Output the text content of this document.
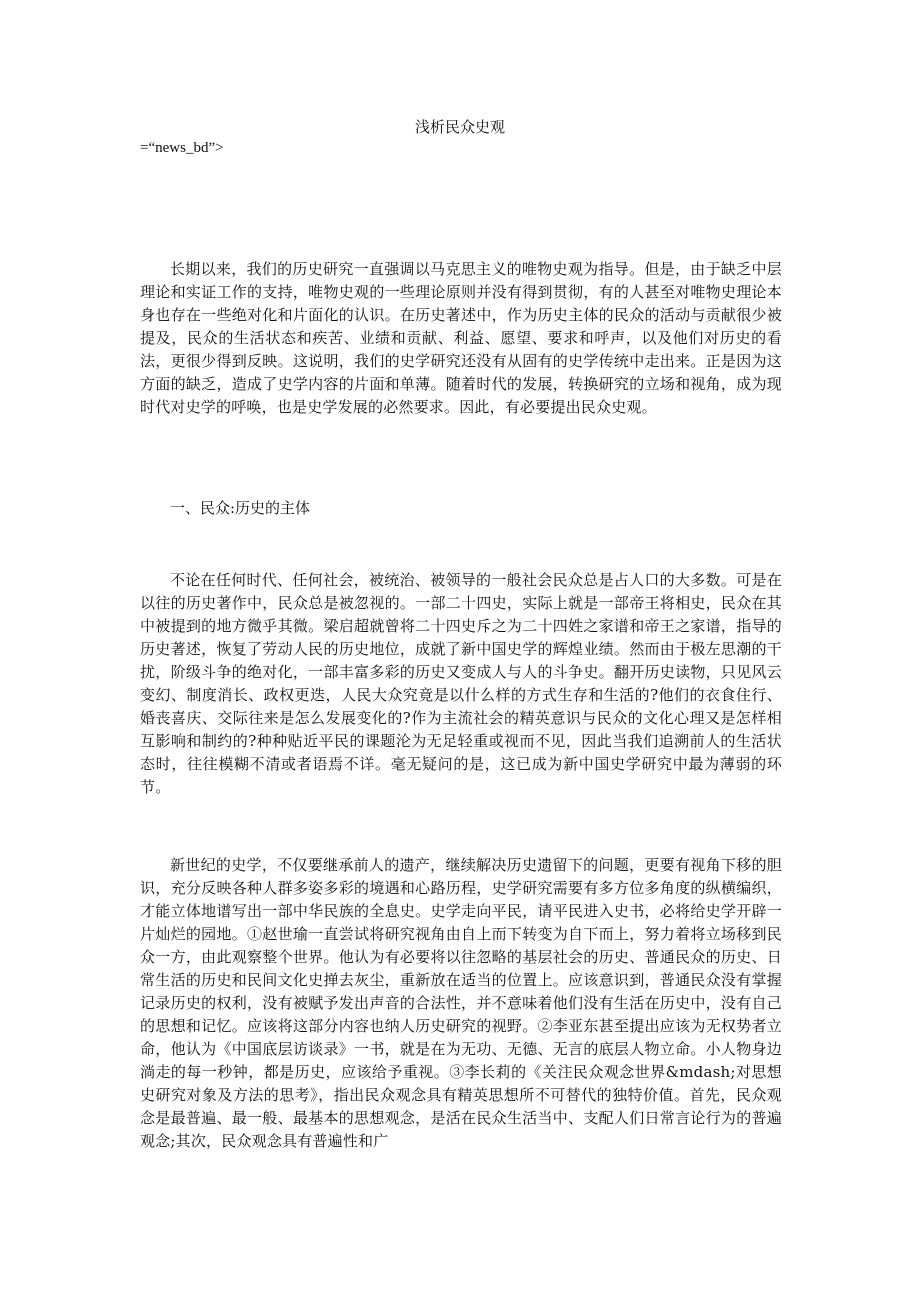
浅析民众史观
=“news_bd”>

长期以来，我们的历史研究一直强调以马克思主义的唯物史观为指导。但是，由于缺乏中层理论和实证工作的支持，唯物史观的一些理论原则并没有得到贯彻，有的人甚至对唯物史理论本身也存在一些绝对化和片面化的认识。在历史著述中，作为历史主体的民众的活动与贡献很少被提及，民众的生活状态和疾苦、业绩和贡献、利益、愿望、要求和呼声，以及他们对历史的看法，更很少得到反映。这说明，我们的史学研究还没有从固有的史学传统中走出来。正是因为这方面的缺乏，造成了史学内容的片面和单薄。随着时代的发展，转换研究的立场和视角，成为现时代对史学的呼唤，也是史学发展的必然要求。因此，有必要提出民众史观。

一、民众:历史的主体

不论在任何时代、任何社会，被统治、被领导的一般社会民众总是占人口的大多数。可是在以往的历史著作中，民众总是被忽视的。一部二十四史，实际上就是一部帝王将相史，民众在其中被提到的地方微乎其微。梁启超就曾将二十四史斥之为二十四姓之家谱和帝王之家谱，指导的历史著述，恢复了劳动人民的历史地位，成就了新中国史学的辉煌业绩。然而由于极左思潮的干扰，阶级斗争的绝对化，一部丰富多彩的历史又变成人与人的斗争史。翻开历史读物，只见风云变幻、制度消长、政权更迭，人民大众究竟是以什么样的方式生存和生活的?他们的衣食住行、婚丧喜庆、交际往来是怎么发展变化的?作为主流社会的精英意识与民众的文化心理又是怎样相互影响和制约的?种种贴近平民的课题沦为无足轻重或视而不见，因此当我们追溯前人的生活状态时，往往模糊不清或者语焉不详。毫无疑问的是，这已成为新中国史学研究中最为薄弱的环节。

新世纪的史学，不仅要继承前人的遗产，继续解决历史遗留下的问题，更要有视角下移的胆识，充分反映各种人群多姿多彩的境遇和心路历程，史学研究需要有多方位多角度的纵横编织，才能立体地谱写出一部中华民族的全息史。史学走向平民，请平民进入史书，必将给史学开辟一片灿烂的园地。①赵世瑜一直尝试将研究视角由自上而下转变为自下而上，努力着将立场移到民众一方，由此观察整个世界。他认为有必要将以往忽略的基层社会的历史、普通民众的历史、日常生活的历史和民间文化史掸去灰尘，重新放在适当的位置上。应该意识到，普通民众没有掌握记录历史的权利，没有被赋予发出声音的合法性，并不意味着他们没有生活在历史中，没有自己的思想和记忆。应该将这部分内容也纳人历史研究的视野。②李亚东甚至提出应该为无权势者立命，他认为《中国底层访谈录》一书，就是在为无功、无德、无言的底层人物立命。小人物身边淌走的每一秒钟，都是历史，应该给予重视。③李长莉的《关注民众观念世界&mdash;对思想史研究对象及方法的思考》，指出民众观念具有精英思想所不可替代的独特价值。首先，民众观念是最普遍、最一般、最基本的思想观念，是活在民众生活当中、支配人们日常言论行为的普遍观念;其次，民众观念具有普遍性和广
